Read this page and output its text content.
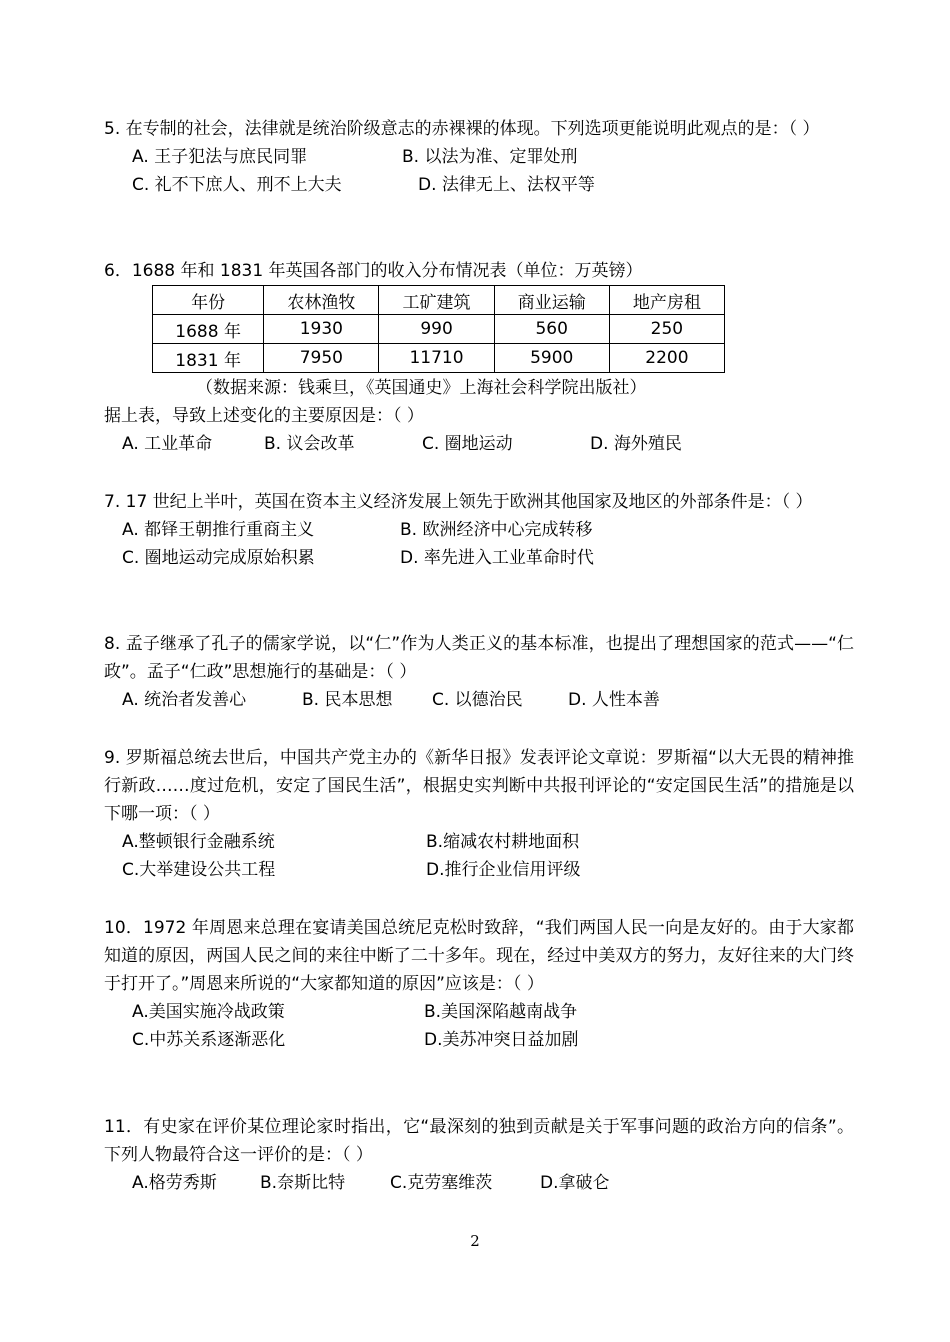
5. 在专制的社会，法律就是统治阶级意志的赤裸裸的体现。下列选项更能说明此观点的是：（ ）

A. 王子犯法与庶民同罪	B. 以法为准、定罪处刑
C. 礼不下庶人、刑不上大夫	D. 法律无上、法权平等

6．1688 年和 1831 年英国各部门的收入分布情况表（单位：万英镑）

年份	农林渔牧	工矿建筑	商业运输	地产房租
1688 年	1930	990	560	250
1831 年	7950	11710	5900	2200
（数据来源：钱乘旦，《英国通史》上海社会科学院出版社）

据上表，导致上述变化的主要原因是：（ ）

A. 工业革命	B. 议会改革	C. 圈地运动	D. 海外殖民

7. 17 世纪上半叶，英国在资本主义经济发展上领先于欧洲其他国家及地区的外部条件是：（ ）

A. 都铎王朝推行重商主义	B. 欧洲经济中心完成转移
C. 圈地运动完成原始积累	D. 率先进入工业革命时代

8. 孟子继承了孔子的儒家学说，以“仁”作为人类正义的基本标准，也提出了理想国家的范式——“仁政”。孟子“仁政”思想施行的基础是：（ ）

A. 统治者发善心	B. 民本思想 C. 以德治民	D. 人性本善

9. 罗斯福总统去世后，中国共产党主办的《新华日报》发表评论文章说：罗斯福“以大无畏的精神推行新政……度过危机，安定了国民生活”，根据史实判断中共报刊评论的“安定国民生活”的措施是以下哪一项：（ ）

A.整顿银行金融系统	B.缩减农村耕地面积
C.大举建设公共工程	D.推行企业信用评级

10．1972 年周恩来总理在宴请美国总统尼克松时致辞，“我们两国人民一向是友好的。由于大家都知道的原因，两国人民之间的来往中断了二十多年。现在，经过中美双方的努力，友好往来的大门终于打开了。”周恩来所说的“大家都知道的原因”应该是：（ ）

A.美国实施冷战政策	B.美国深陷越南战争
C.中苏关系逐渐恶化	D.美苏冲突日益加剧

11．有史家在评价某位理论家时指出，它“最深刻的独到贡献是关于军事问题的政治方向的信条”。下列人物最符合这一评价的是：（ ）

A.格劳秀斯	B.奈斯比特	C.克劳塞维茨	D.拿破仑
2
